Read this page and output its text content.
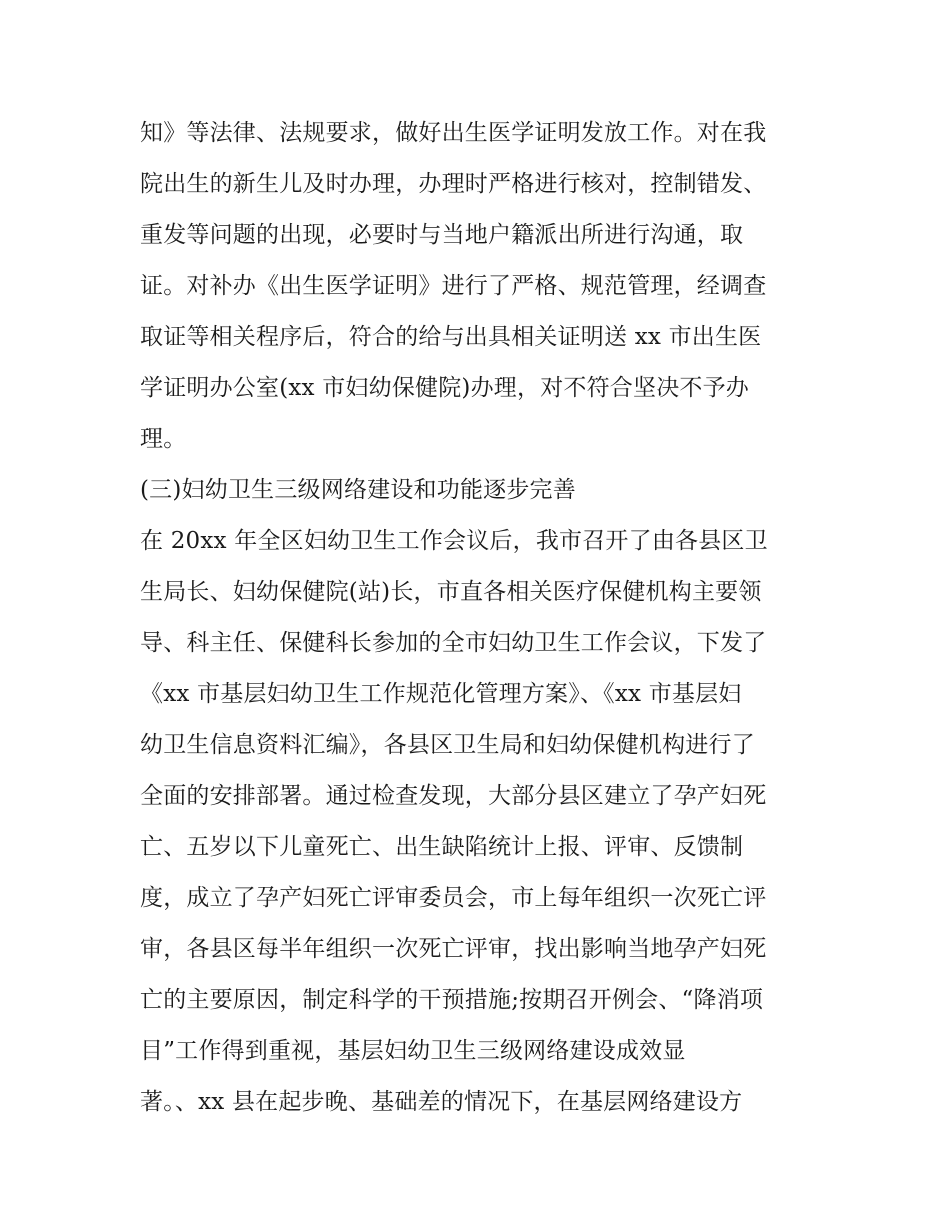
知》等法律、法规要求，做好出生医学证明发放工作。对在我
院出生的新生儿及时办理，办理时严格进行核对，控制错发、
重发等问题的出现，必要时与当地户籍派出所进行沟通，取
证。对补办《出生医学证明》进行了严格、规范管理，经调查
取证等相关程序后，符合的给与出具相关证明送 xx 市出生医
学证明办公室(xx 市妇幼保健院)办理，对不符合坚决不予办
理。
(三)妇幼卫生三级网络建设和功能逐步完善
在 20xx 年全区妇幼卫生工作会议后，我市召开了由各县区卫
生局长、妇幼保健院(站)长，市直各相关医疗保健机构主要领
导、科主任、保健科长参加的全市妇幼卫生工作会议，下发了
《xx 市基层妇幼卫生工作规范化管理方案》、《xx 市基层妇
幼卫生信息资料汇编》，各县区卫生局和妇幼保健机构进行了
全面的安排部署。通过检查发现，大部分县区建立了孕产妇死
亡、五岁以下儿童死亡、出生缺陷统计上报、评审、反馈制
度，成立了孕产妇死亡评审委员会，市上每年组织一次死亡评
审，各县区每半年组织一次死亡评审，找出影响当地孕产妇死
亡的主要原因，制定科学的干预措施;按期召开例会、“降消项
目”工作得到重视，基层妇幼卫生三级网络建设成效显
著。、xx 县在起步晚、基础差的情况下，在基层网络建设方
